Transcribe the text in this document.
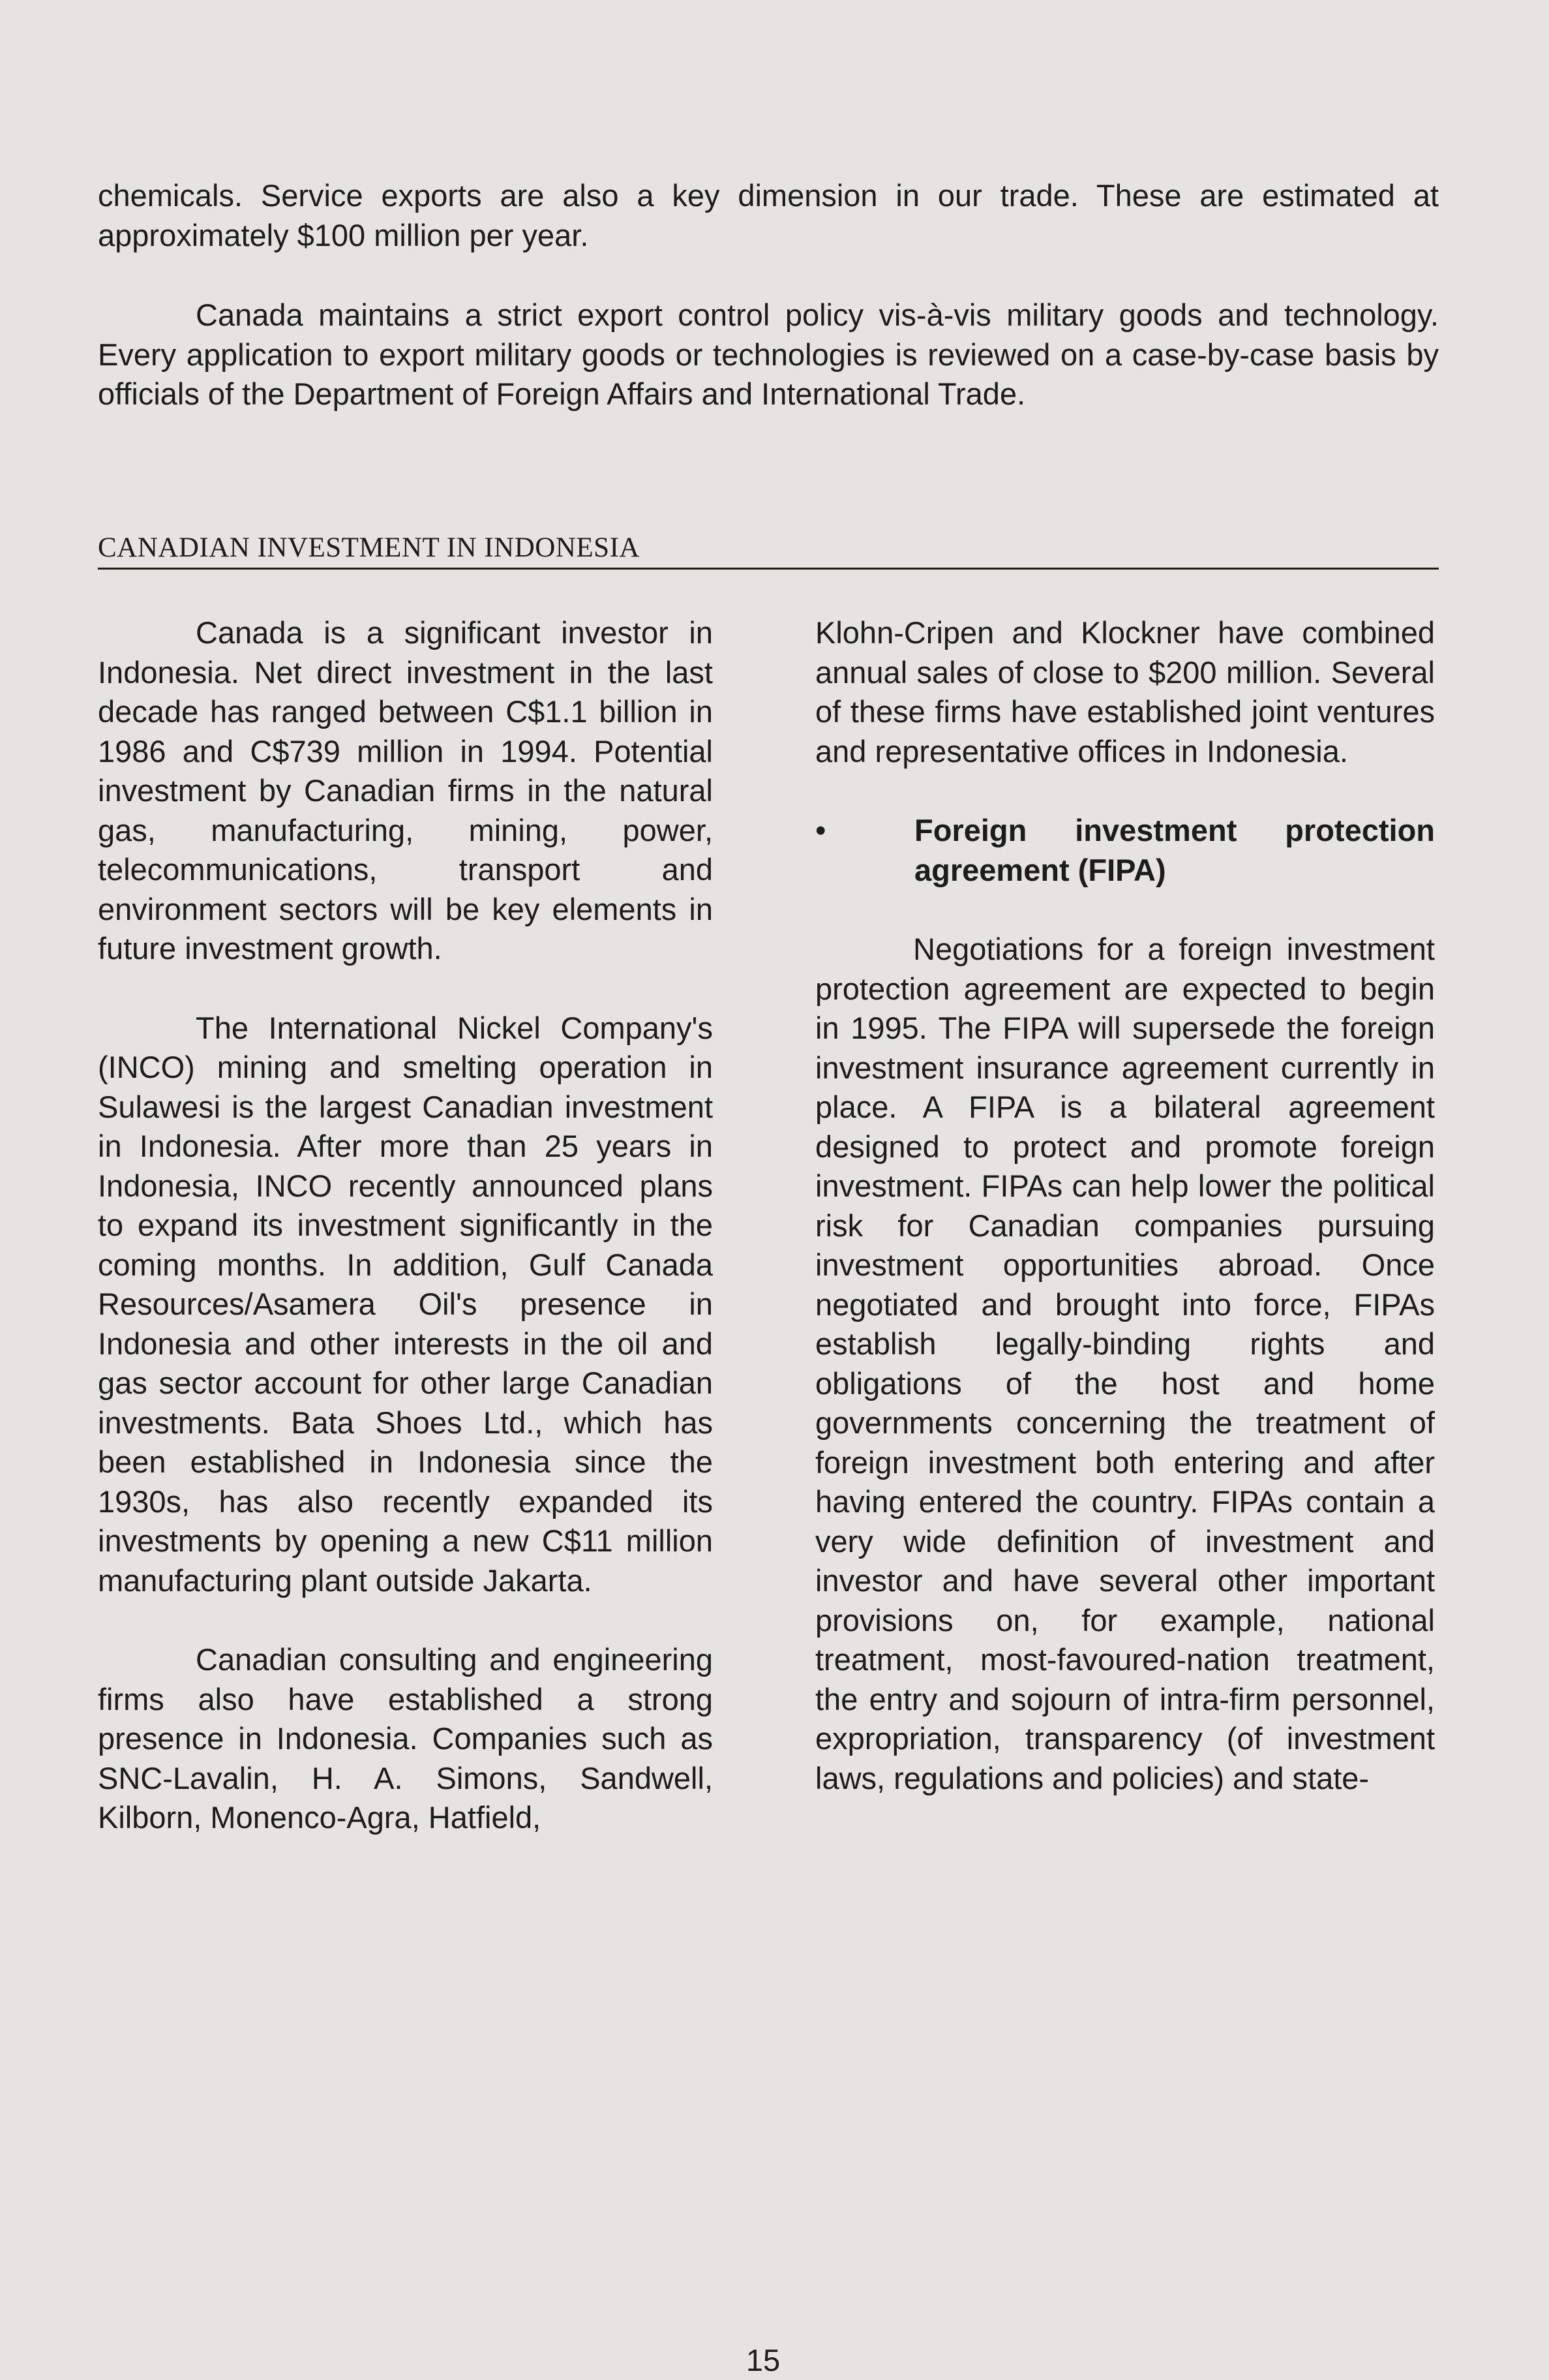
chemicals. Service exports are also a key dimension in our trade. These are estimated at approximately $100 million per year.

Canada maintains a strict export control policy vis-à-vis military goods and technology. Every application to export military goods or technologies is reviewed on a case-by-case basis by officials of the Department of Foreign Affairs and International Trade.

CANADIAN INVESTMENT IN INDONESIA

Canada is a significant investor in Indonesia. Net direct investment in the last decade has ranged between C$1.1 billion in 1986 and C$739 million in 1994. Potential investment by Canadian firms in the natural gas, manufacturing, mining, power, telecommunications, transport and environment sectors will be key elements in future investment growth.

The International Nickel Company's (INCO) mining and smelting operation in Sulawesi is the largest Canadian investment in Indonesia. After more than 25 years in Indonesia, INCO recently announced plans to expand its investment significantly in the coming months. In addition, Gulf Canada Resources/Asamera Oil's presence in Indonesia and other interests in the oil and gas sector account for other large Canadian investments. Bata Shoes Ltd., which has been established in Indonesia since the 1930s, has also recently expanded its investments by opening a new C$11 million manufacturing plant outside Jakarta.

Canadian consulting and engineering firms also have established a strong presence in Indonesia. Companies such as SNC-Lavalin, H. A. Simons, Sandwell, Kilborn, Monenco-Agra, Hatfield,

Klohn-Cripen and Klockner have combined annual sales of close to $200 million. Several of these firms have established joint ventures and representative offices in Indonesia.

•	Foreign investment protection agreement (FIPA)

Negotiations for a foreign investment protection agreement are expected to begin in 1995. The FIPA will supersede the foreign investment insurance agreement currently in place. A FIPA is a bilateral agreement designed to protect and promote foreign investment. FIPAs can help lower the political risk for Canadian companies pursuing investment opportunities abroad. Once negotiated and brought into force, FIPAs establish legally-binding rights and obligations of the host and home governments concerning the treatment of foreign investment both entering and after having entered the country. FIPAs contain a very wide definition of investment and investor and have several other important provisions on, for example, national treatment, most-favoured-nation treatment, the entry and sojourn of intra-firm personnel, expropriation, transparency (of investment laws, regulations and policies) and state-

15
